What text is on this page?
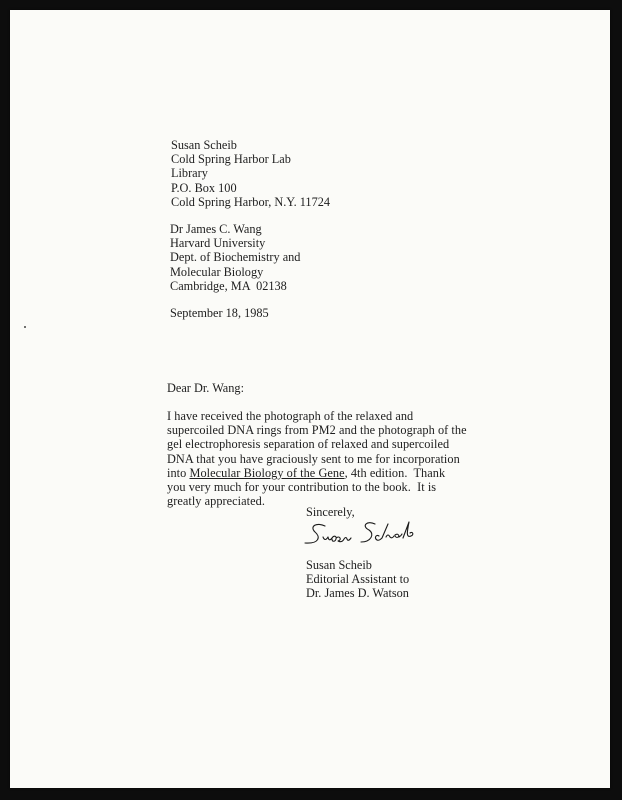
Susan Scheib
Cold Spring Harbor Lab
Library
P.O. Box 100
Cold Spring Harbor, N.Y. 11724
Dr James C. Wang
Harvard University
Dept. of Biochemistry and
Molecular Biology
Cambridge, MA  02138
September 18, 1985
Dear Dr. Wang:
I have received the photograph of the relaxed and
supercoiled DNA rings from PM2 and the photograph of the
gel electrophoresis separation of relaxed and supercoiled
DNA that you have graciously sent to me for incorporation
into Molecular Biology of the Gene, 4th edition.  Thank
you very much for your contribution to the book.  It is
greatly appreciated.
Sincerely,
Susan Scheib
Editorial Assistant to
Dr. James D. Watson
